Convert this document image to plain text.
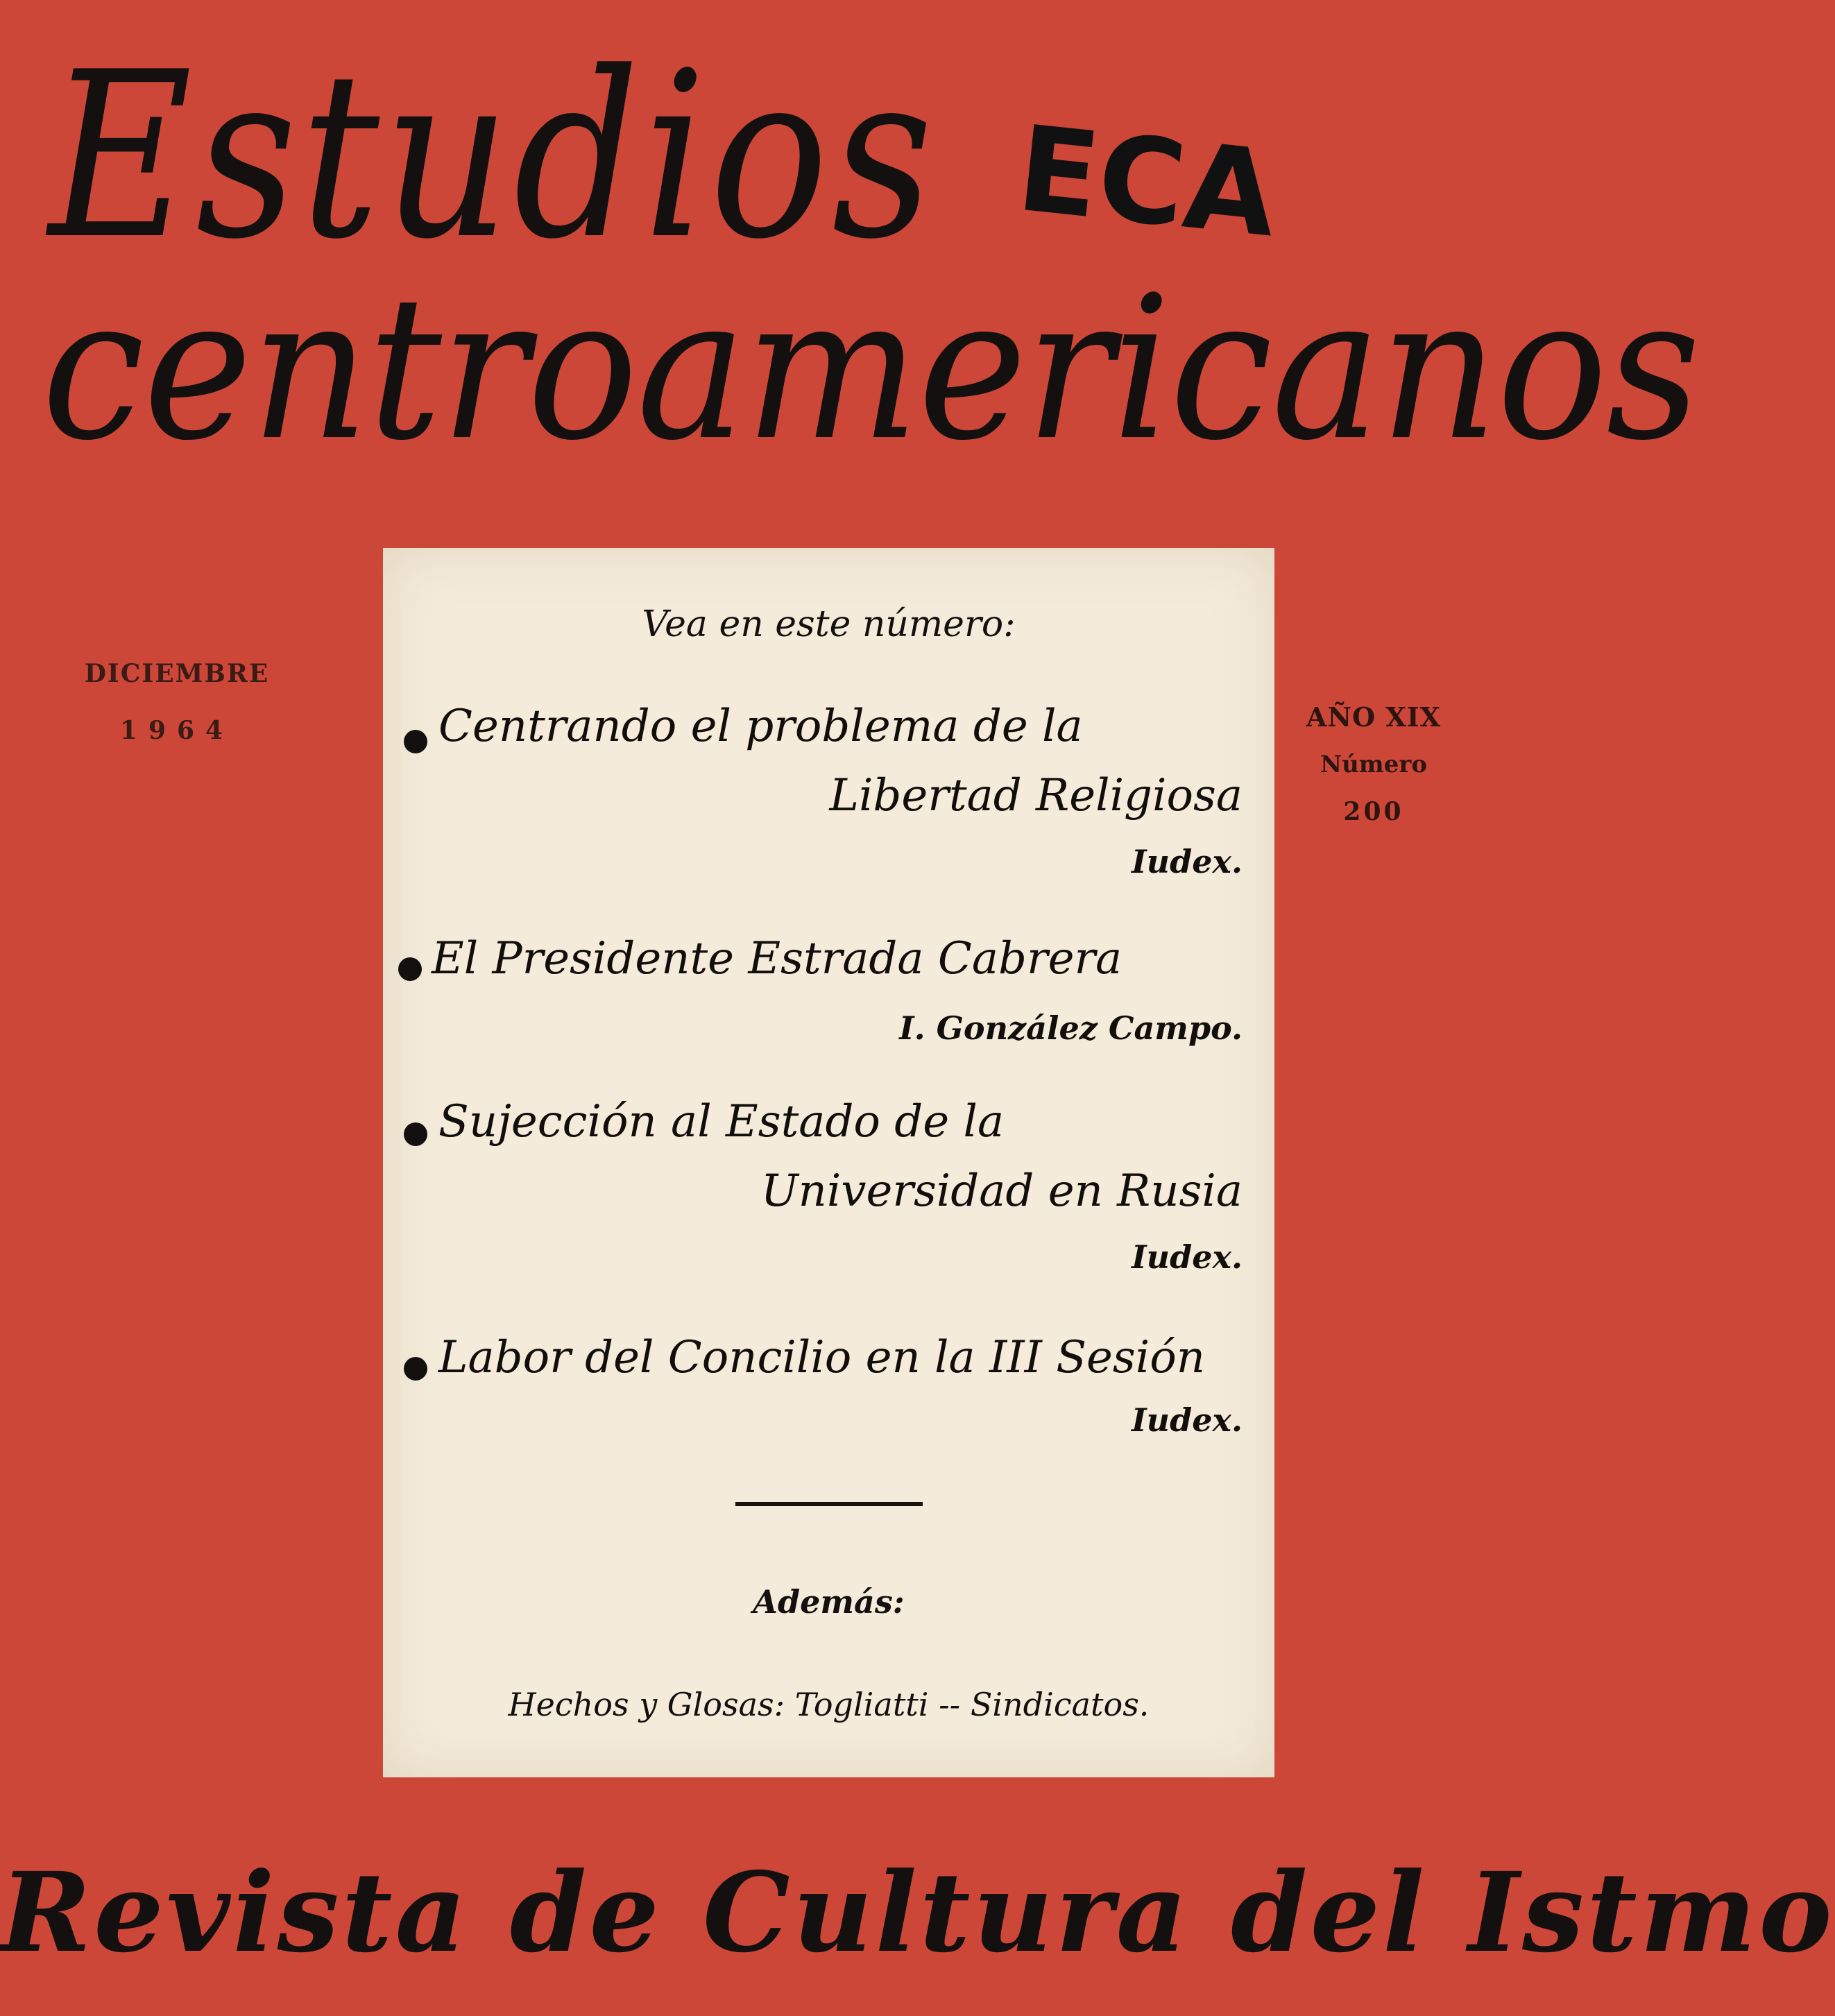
Estudios
centroamericanos
ECA
DICIEMBRE
1964	AÑO XIX
Número
200
Vea en este número:
Centrando el problema de la
Libertad Religiosa
Iudex.
El Presidente Estrada Cabrera
I. González Campo.
Sujección al Estado de la
Universidad en Rusia
Iudex.
Labor del Concilio en la III Sesión
Iudex.
Además:
Hechos y Glosas: Togliatti -- Sindicatos.
Revista de Cultura del Istmo
